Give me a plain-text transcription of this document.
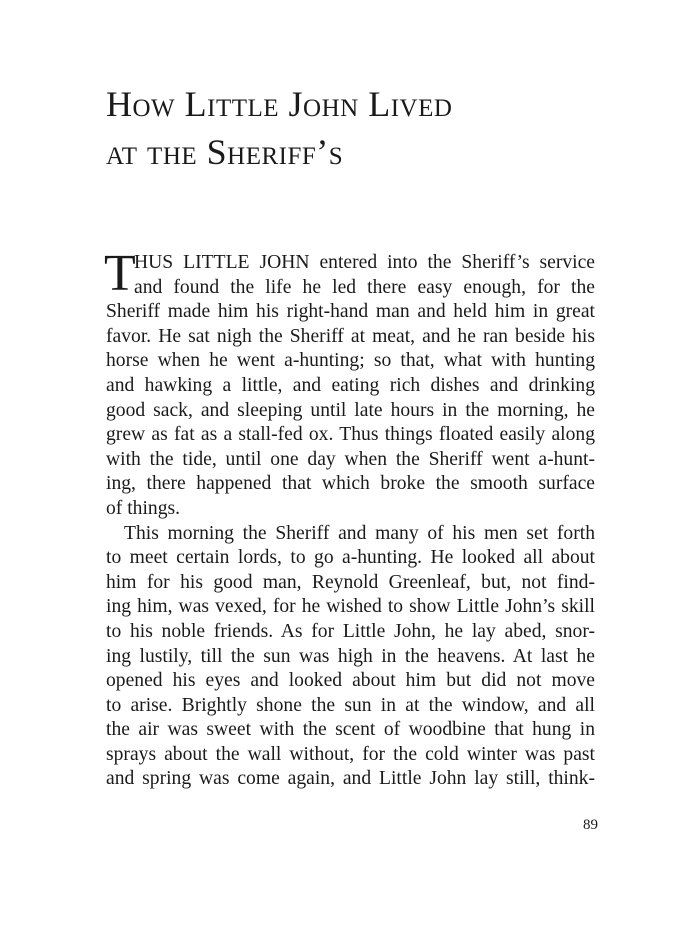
How Little John Lived
at the Sheriff’s
T
HUS LITTLE JOHN entered into the Sheriff’s service
and found the life he led there easy enough, for the
Sheriff made him his right-hand man and held him in great
favor. He sat nigh the Sheriff at meat, and he ran beside his
horse when he went a-hunting; so that, what with hunting
and hawking a little, and eating rich dishes and drinking
good sack, and sleeping until late hours in the morning, he
grew as fat as a stall-fed ox. Thus things floated easily along
with the tide, until one day when the Sheriff went a-hunt-
ing, there happened that which broke the smooth surface
of things.
This morning the Sheriff and many of his men set forth
to meet certain lords, to go a-hunting. He looked all about
him for his good man, Reynold Greenleaf, but, not find-
ing him, was vexed, for he wished to show Little John’s skill
to his noble friends. As for Little John, he lay abed, snor-
ing lustily, till the sun was high in the heavens. At last he
opened his eyes and looked about him but did not move
to arise. Brightly shone the sun in at the window, and all
the air was sweet with the scent of woodbine that hung in
sprays about the wall without, for the cold winter was past
and spring was come again, and Little John lay still, think-

89
